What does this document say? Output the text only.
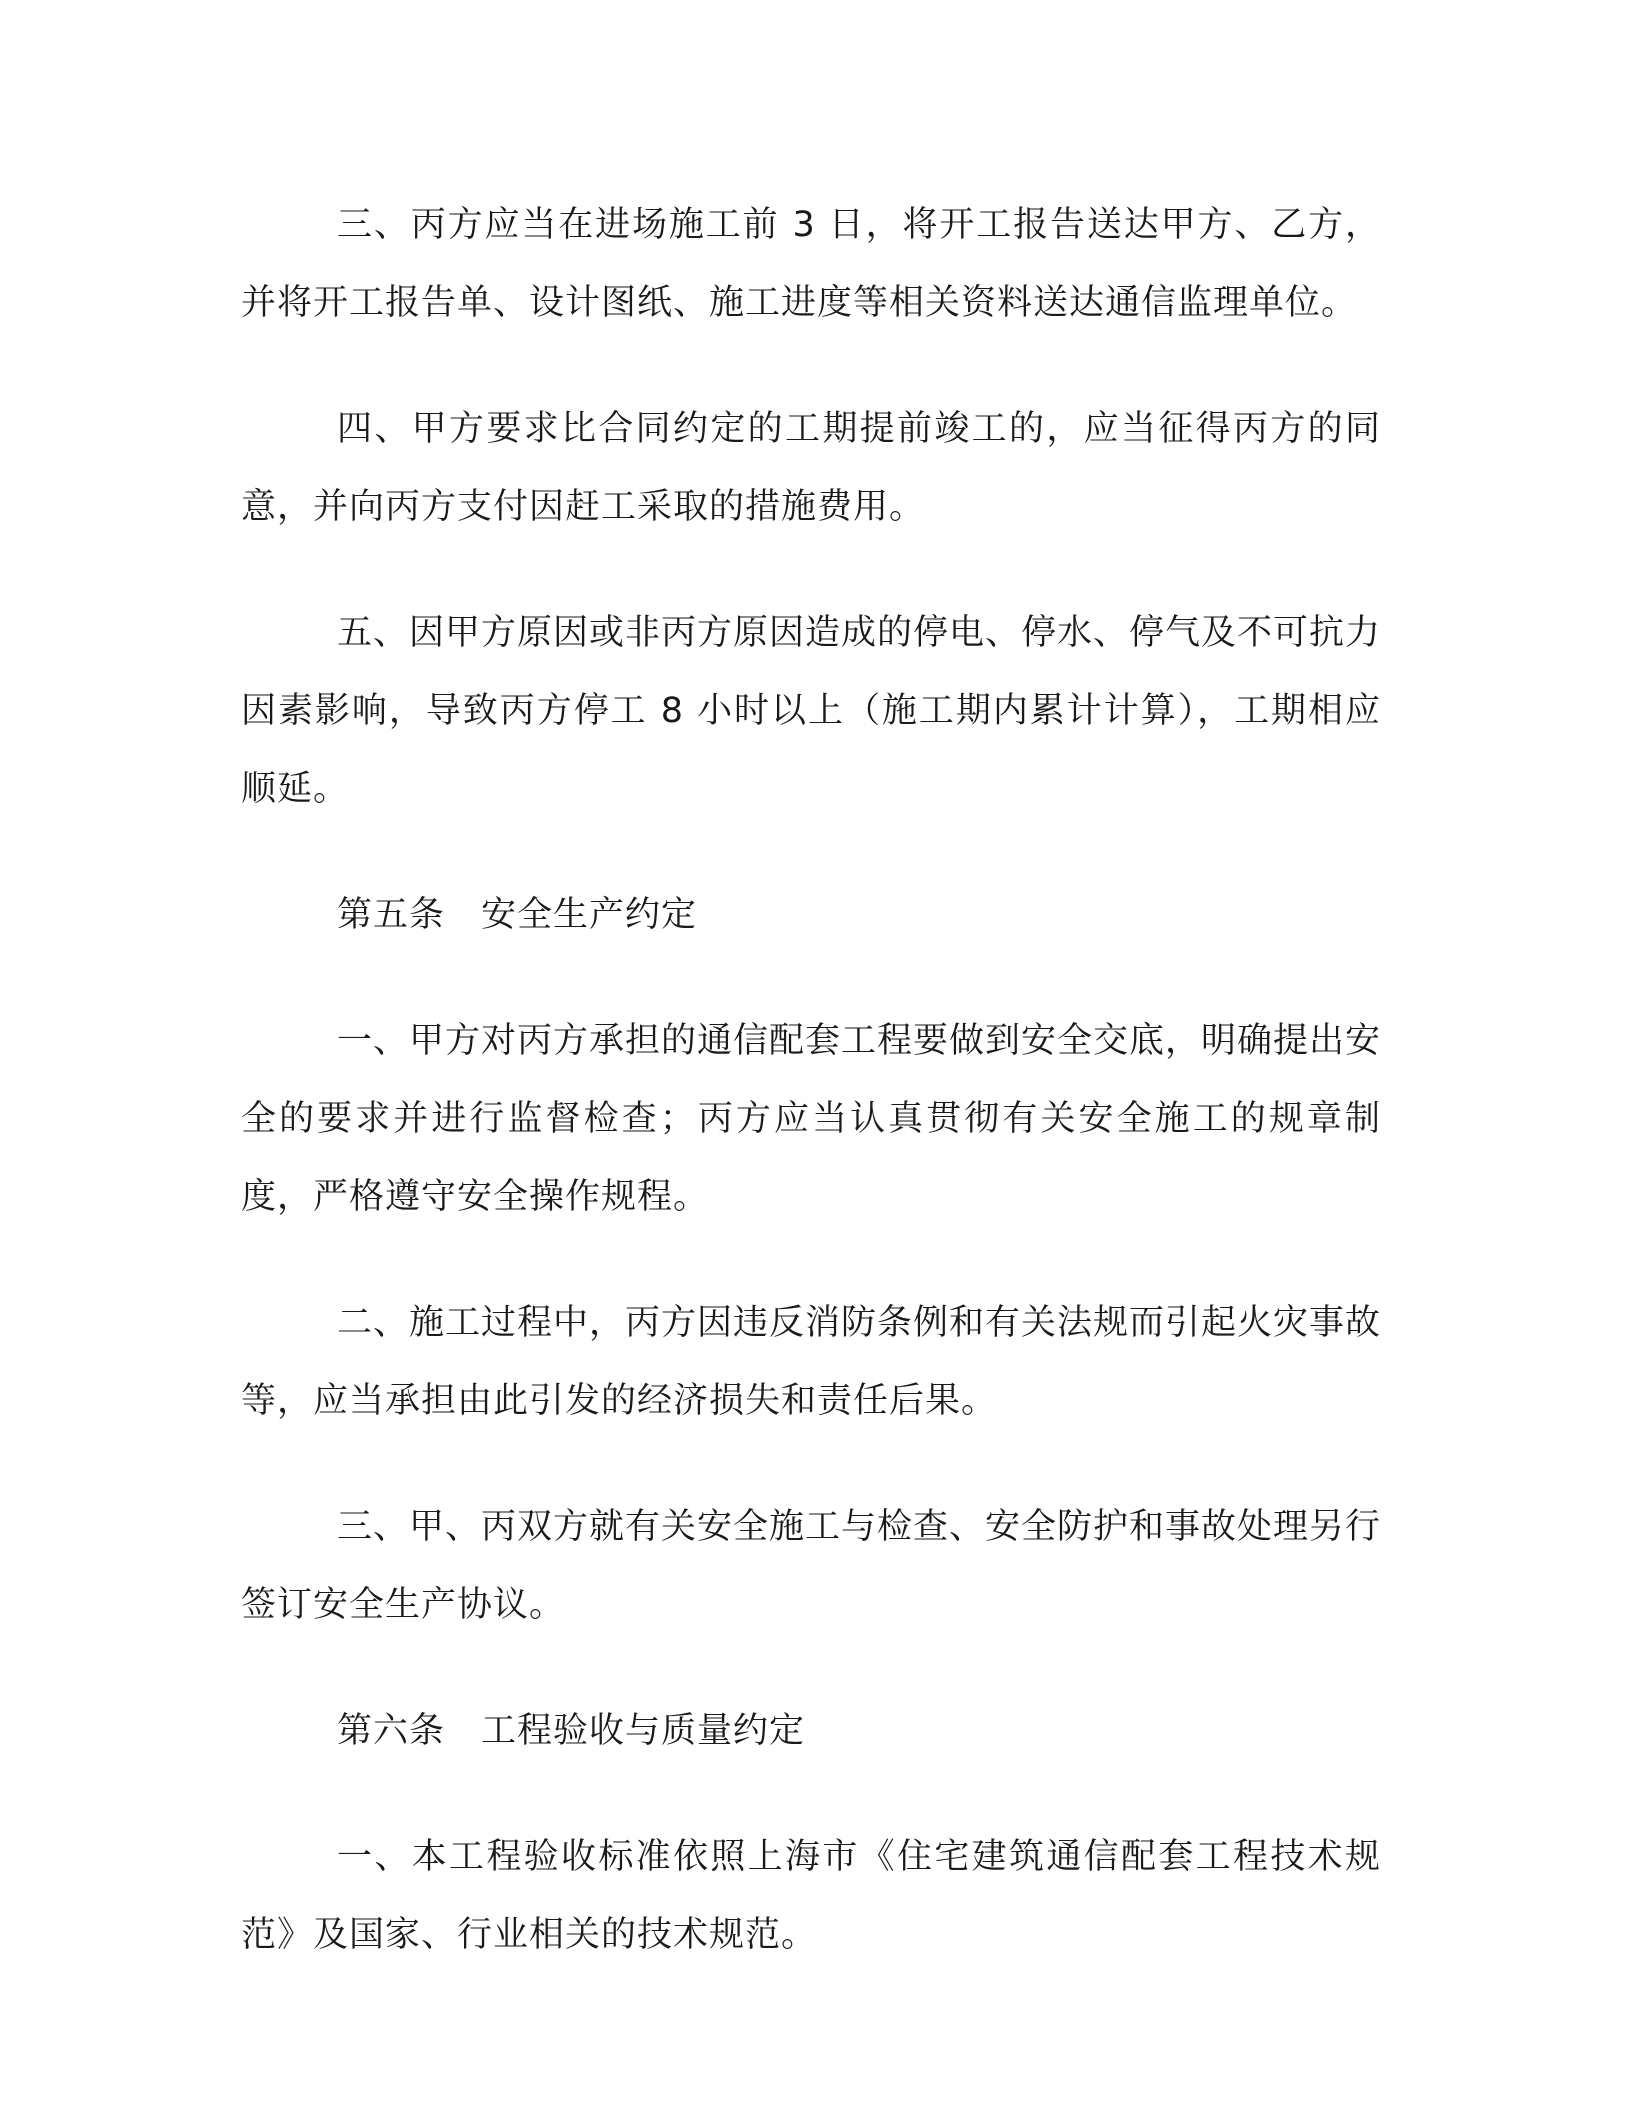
三、丙方应当在进场施工前 3 日，将开工报告送达甲方、乙方，并将开工报告单、设计图纸、施工进度等相关资料送达通信监理单位。

四、甲方要求比合同约定的工期提前竣工的，应当征得丙方的同意，并向丙方支付因赶工采取的措施费用。

五、因甲方原因或非丙方原因造成的停电、停水、停气及不可抗力因素影响，导致丙方停工 8 小时以上（施工期内累计计算），工期相应顺延。

第五条　安全生产约定

一、甲方对丙方承担的通信配套工程要做到安全交底，明确提出安全的要求并进行监督检查；丙方应当认真贯彻有关安全施工的规章制度，严格遵守安全操作规程。

二、施工过程中，丙方因违反消防条例和有关法规而引起火灾事故等，应当承担由此引发的经济损失和责任后果。

三、甲、丙双方就有关安全施工与检查、安全防护和事故处理另行签订安全生产协议。

第六条　工程验收与质量约定

一、本工程验收标准依照上海市《住宅建筑通信配套工程技术规范》及国家、行业相关的技术规范。
